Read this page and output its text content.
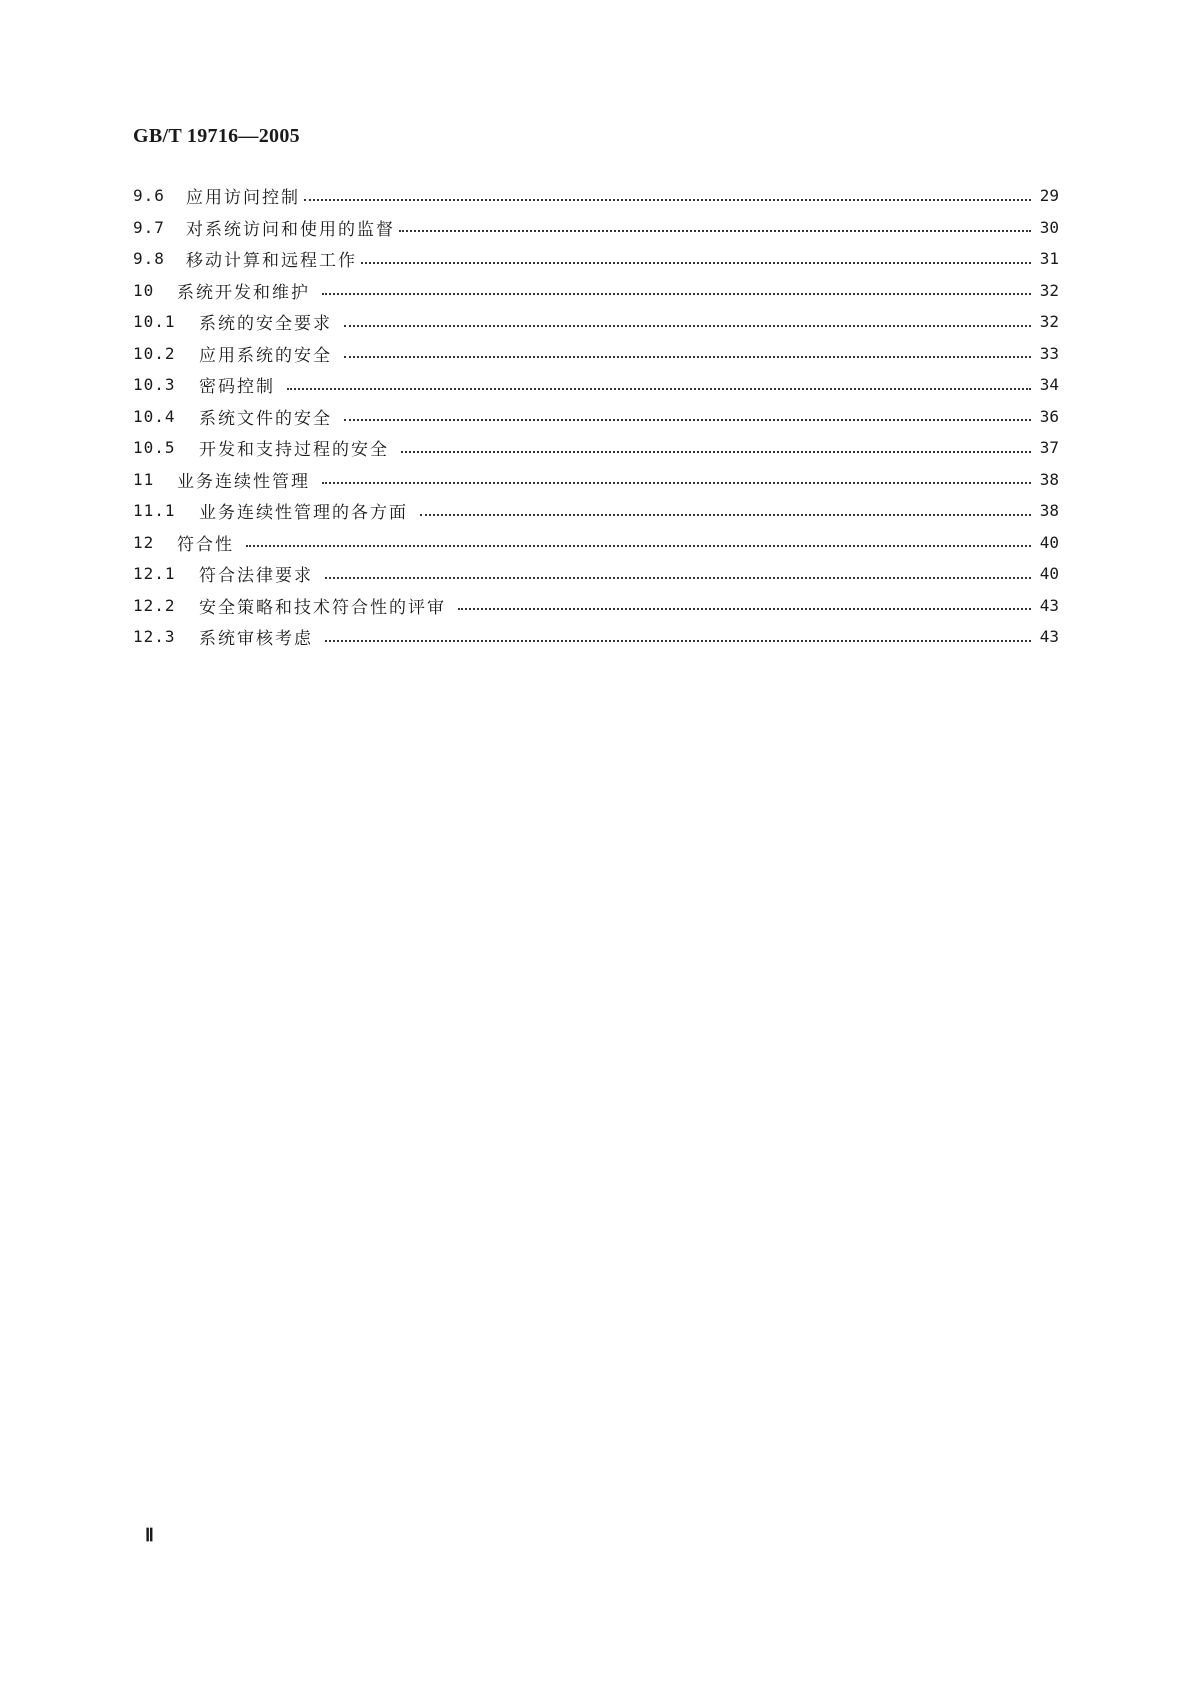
GB/T 19716—2005
9.6	应用访问控制	29
9.7	对系统访问和使用的监督	30
9.8	移动计算和远程工作	31
10	系统开发和维护	32
10.1	系统的安全要求	32
10.2	应用系统的安全	33
10.3	密码控制	34
10.4	系统文件的安全	36
10.5	开发和支持过程的安全	37
11	业务连续性管理	38
11.1	业务连续性管理的各方面	38
12	符合性	40
12.1	符合法律要求	40
12.2	安全策略和技术符合性的评审	43
12.3	系统审核考虑	43
Ⅱ
